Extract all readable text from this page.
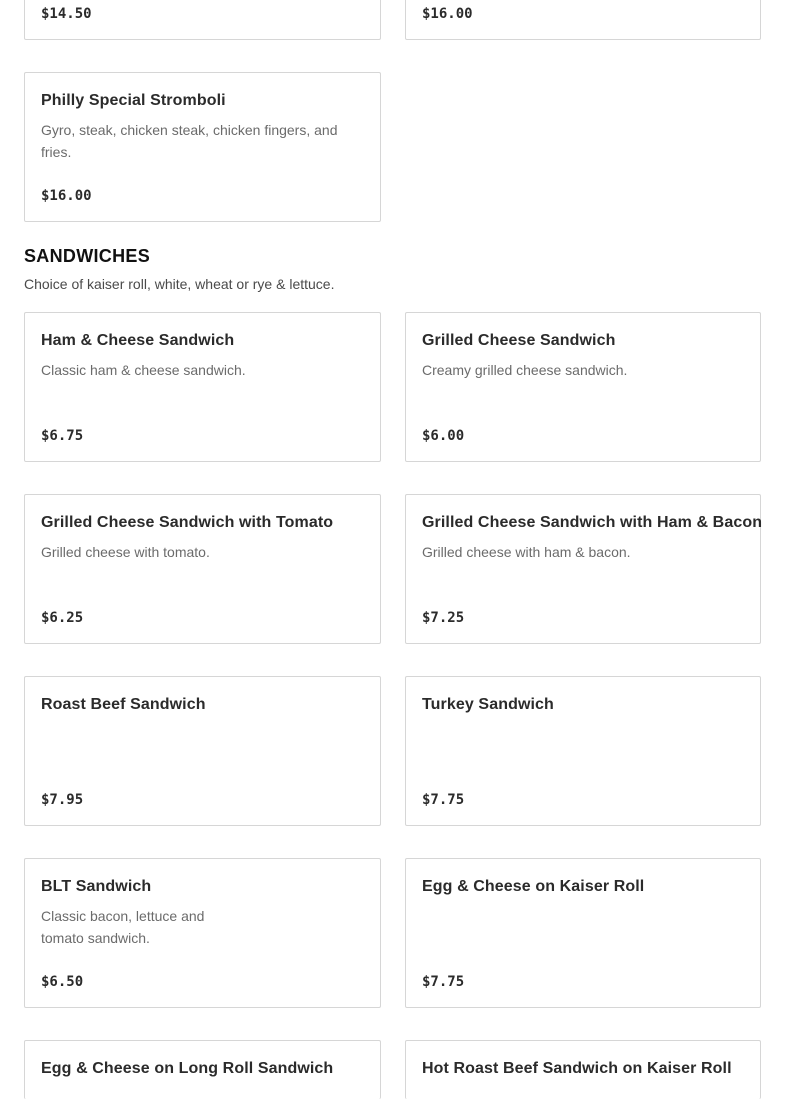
$14.50	$16.00
Philly Special Stromboli
Gyro, steak, chicken steak, chicken fingers, and fries.
$16.00
SANDWICHES

Choice of kaiser roll, white, wheat or rye & lettuce.

Ham & Cheese Sandwich
Classic ham & cheese sandwich.
$6.75
Grilled Cheese Sandwich
Creamy grilled cheese sandwich.
$6.00
Grilled Cheese Sandwich with Tomato
Grilled cheese with tomato.
$6.25
Grilled Cheese Sandwich with Ham & Bacon
Grilled cheese with ham & bacon.
$7.25
Roast Beef Sandwich
$7.95
Turkey Sandwich
$7.75
BLT Sandwich
Classic bacon, lettuce and tomato sandwich.
$6.50
Egg & Cheese on Kaiser Roll
$7.75
Egg & Cheese on Long Roll Sandwich	Hot Roast Beef Sandwich on Kaiser Roll
